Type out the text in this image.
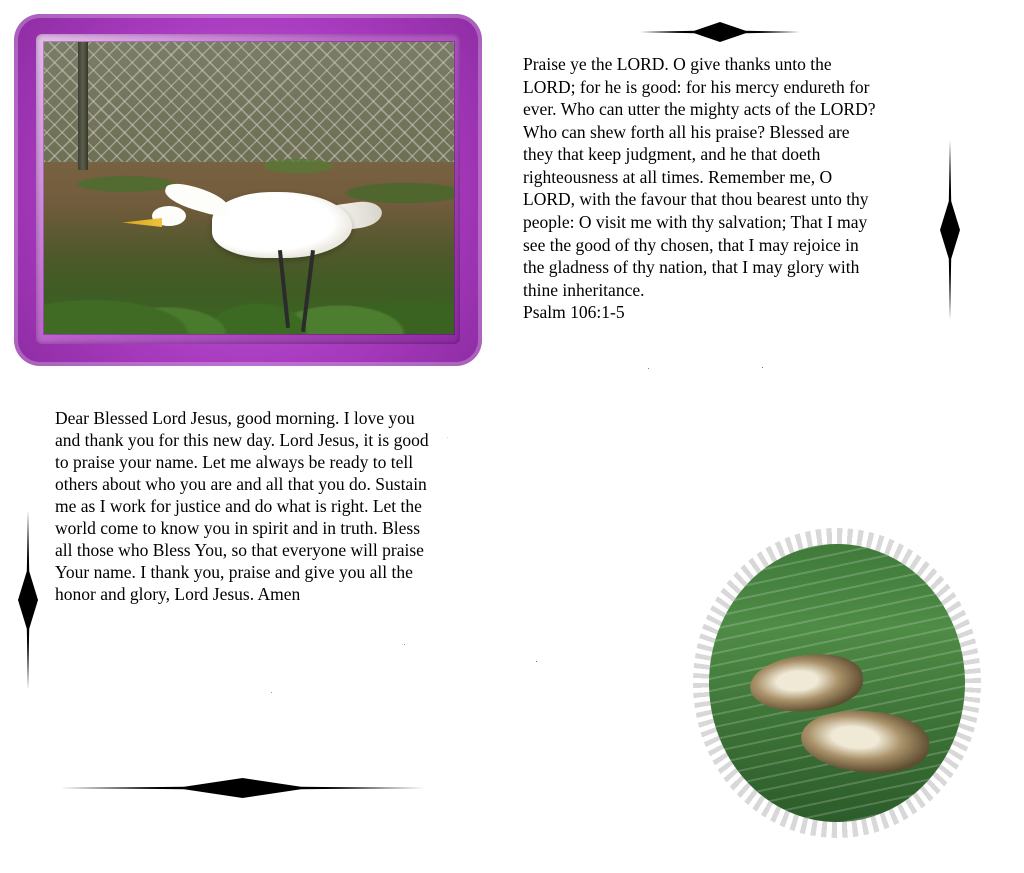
Praise ye the LORD. O give thanks unto the LORD; for he is good: for his mercy endureth for ever. Who can utter the mighty acts of the LORD? Who can shew forth all his praise? Blessed are they that keep judgment, and he that doeth righteousness at all times. Remember me, O LORD, with the favour that thou bearest unto thy people: O visit me with thy salvation; That I may see the good of thy chosen, that I may rejoice in the gladness of thy nation, that I may glory with thine inheritance.
Psalm 106:1-5
Dear Blessed Lord Jesus, good morning. I love you and thank you for this new day. Lord Jesus, it is good to praise your name. Let me always be ready to tell others about who you are and all that you do. Sustain me as I work for justice and do what is right. Let the world come to know you in spirit and in truth. Bless all those who Bless You, so that everyone will praise Your name. I thank you, praise and give you all the honor and glory, Lord Jesus. Amen
